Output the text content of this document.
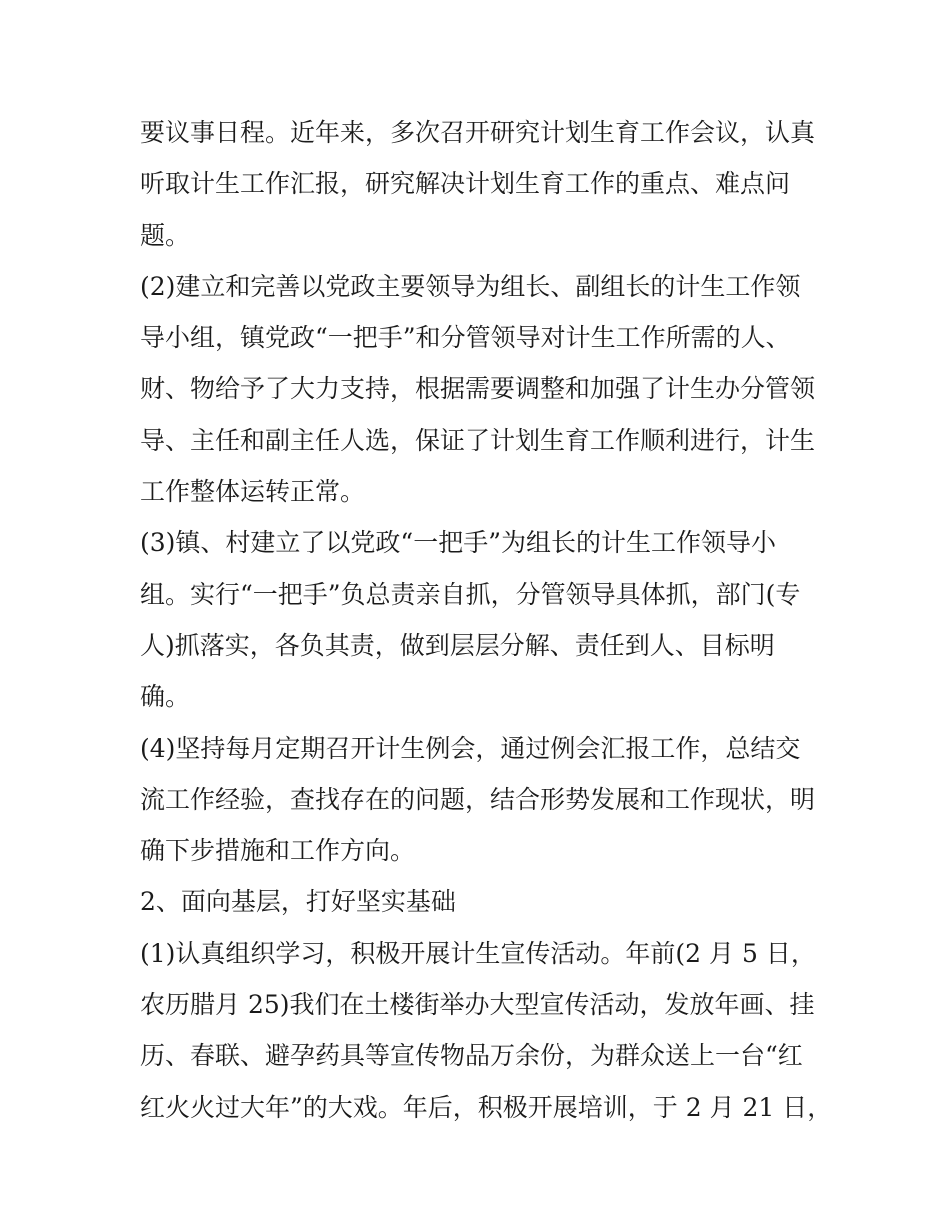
要议事日程。近年来，多次召开研究计划生育工作会议，认真
听取计生工作汇报，研究解决计划生育工作的重点、难点问
题。
(2)建立和完善以党政主要领导为组长、副组长的计生工作领
导小组，镇党政“一把手”和分管领导对计生工作所需的人、
财、物给予了大力支持，根据需要调整和加强了计生办分管领
导、主任和副主任人选，保证了计划生育工作顺利进行，计生
工作整体运转正常。
(3)镇、村建立了以党政“一把手”为组长的计生工作领导小
组。实行“一把手”负总责亲自抓，分管领导具体抓，部门(专
人)抓落实，各负其责，做到层层分解、责任到人、目标明
确。
(4)坚持每月定期召开计生例会，通过例会汇报工作，总结交
流工作经验，查找存在的问题，结合形势发展和工作现状，明
确下步措施和工作方向。
2、面向基层，打好坚实基础
(1)认真组织学习，积极开展计生宣传活动。年前(2 月 5 日，
农历腊月 25)我们在土楼街举办大型宣传活动，发放年画、挂
历、春联、避孕药具等宣传物品万余份，为群众送上一台“红
红火火过大年”的大戏。年后，积极开展培训，于 2 月 21 日，
